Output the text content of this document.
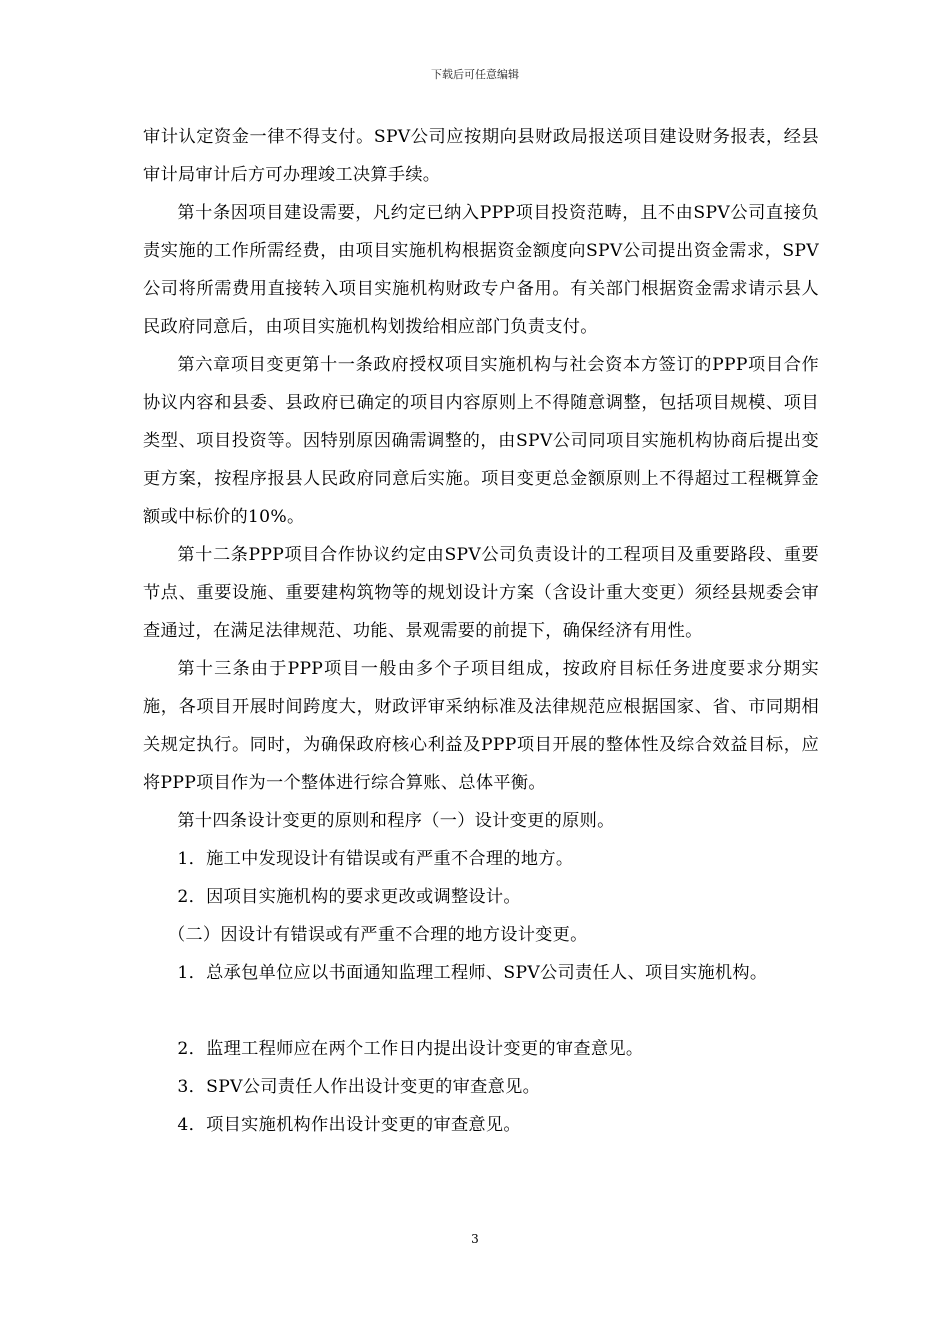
下载后可任意编辑

审计认定资金一律不得支付。SPV公司应按期向县财政局报送项目建设财务报表，经县审计局审计后方可办理竣工决算手续。

第十条因项目建设需要，凡约定已纳入PPP项目投资范畴，且不由SPV公司直接负责实施的工作所需经费，由项目实施机构根据资金额度向SPV公司提出资金需求，SPV公司将所需费用直接转入项目实施机构财政专户备用。有关部门根据资金需求请示县人民政府同意后，由项目实施机构划拨给相应部门负责支付。

第六章项目变更第十一条政府授权项目实施机构与社会资本方签订的PPP项目合作协议内容和县委、县政府已确定的项目内容原则上不得随意调整，包括项目规模、项目类型、项目投资等。因特别原因确需调整的，由SPV公司同项目实施机构协商后提出变更方案，按程序报县人民政府同意后实施。项目变更总金额原则上不得超过工程概算金额或中标价的10%。

第十二条PPP项目合作协议约定由SPV公司负责设计的工程项目及重要路段、重要节点、重要设施、重要建构筑物等的规划设计方案（含设计重大变更）须经县规委会审查通过，在满足法律规范、功能、景观需要的前提下，确保经济有用性。

第十三条由于PPP项目一般由多个子项目组成，按政府目标任务进度要求分期实施，各项目开展时间跨度大，财政评审采纳标准及法律规范应根据国家、省、市同期相关规定执行。同时，为确保政府核心利益及PPP项目开展的整体性及综合效益目标，应将PPP项目作为一个整体进行综合算账、总体平衡。

第十四条设计变更的原则和程序（一）设计变更的原则。

1．施工中发现设计有错误或有严重不合理的地方。

2．因项目实施机构的要求更改或调整设计。

（二）因设计有错误或有严重不合理的地方设计变更。

1．总承包单位应以书面通知监理工程师、SPV公司责任人、项目实施机构。

2．监理工程师应在两个工作日内提出设计变更的审查意见。

3．SPV公司责任人作出设计变更的审查意见。

4．项目实施机构作出设计变更的审查意见。

3
